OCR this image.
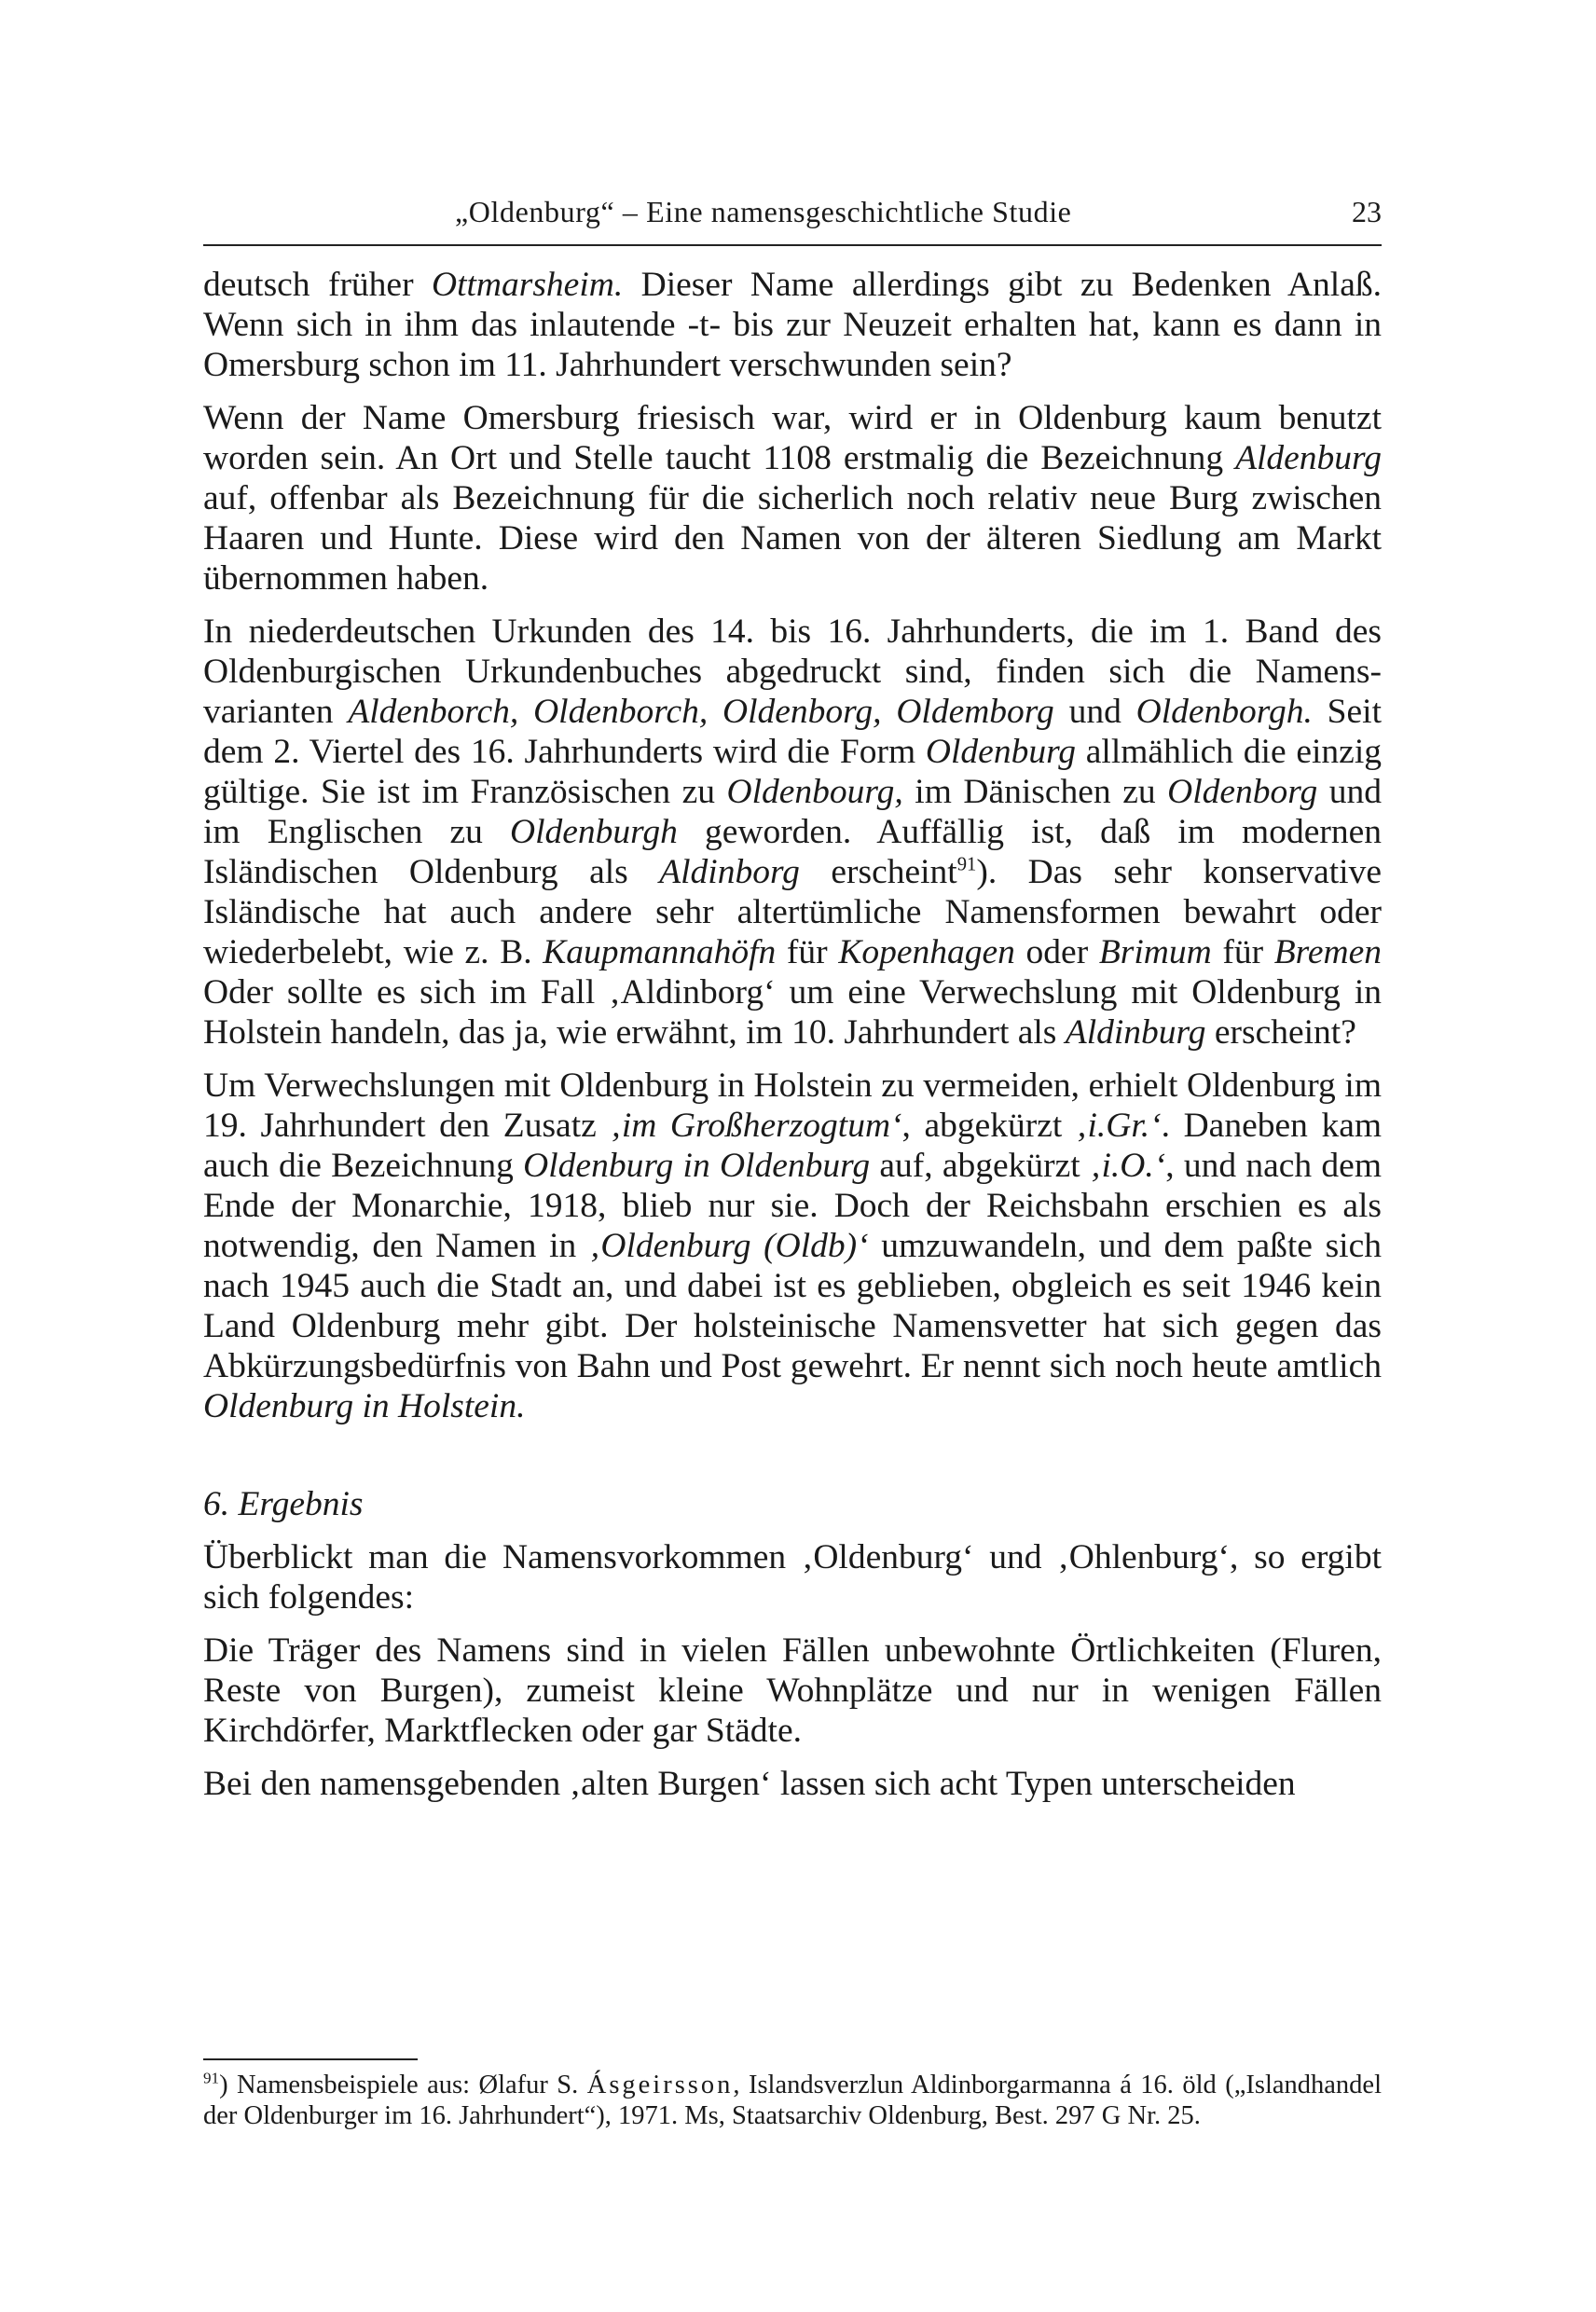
„Oldenburg“ – Eine namensgeschichtliche Studie	23

deutsch früher Ottmarsheim. Dieser Name allerdings gibt zu Bedenken Anlaß. Wenn sich in ihm das inlautende -t- bis zur Neuzeit erhalten hat, kann es dann in Omersburg schon im 11. Jahrhundert verschwunden sein?

Wenn der Name Omersburg friesisch war, wird er in Oldenburg kaum benutzt worden sein. An Ort und Stelle taucht 1108 erstmalig die Bezeichnung Aldenburg auf, offenbar als Bezeichnung für die sicherlich noch relativ neue Burg zwischen Haaren und Hunte. Diese wird den Namen von der älteren Siedlung am Markt übernommen haben.

In niederdeutschen Urkunden des 14. bis 16. Jahrhunderts, die im 1. Band des Oldenburgischen Urkundenbuches abgedruckt sind, finden sich die Namensvarianten Aldenborch, Oldenborch, Oldenborg, Oldemborg und Oldenborgh. Seit dem 2. Viertel des 16. Jahrhunderts wird die Form Oldenburg allmählich die einzig gültige. Sie ist im Französischen zu Oldenbourg, im Dänischen zu Oldenborg und im Englischen zu Oldenburgh geworden. Auffällig ist, daß im modernen Isländischen Oldenburg als Aldinborg erscheint$^{91}$). Das sehr konservative Isländische hat auch andere sehr altertümliche Namensformen bewahrt oder wiederbelebt, wie z. B. Kaupmannahöfn für Kopenhagen oder Brimum für Bremen Oder sollte es sich im Fall ‚Aldinborg‘ um eine Verwechslung mit Oldenburg in Holstein handeln, das ja, wie erwähnt, im 10. Jahrhundert als Aldinburg erscheint?

Um Verwechslungen mit Oldenburg in Holstein zu vermeiden, erhielt Oldenburg im 19. Jahrhundert den Zusatz ‚im Großherzogtum‘, abgekürzt ‚i.Gr.‘. Daneben kam auch die Bezeichnung Oldenburg in Oldenburg auf, abgekürzt ‚i.O.‘, und nach dem Ende der Monarchie, 1918, blieb nur sie. Doch der Reichsbahn erschien es als notwendig, den Namen in ‚Oldenburg (Oldb)‘ umzuwandeln, und dem paßte sich nach 1945 auch die Stadt an, und dabei ist es geblieben, obgleich es seit 1946 kein Land Oldenburg mehr gibt. Der holsteinische Namensvetter hat sich gegen das Abkürzungsbedürfnis von Bahn und Post gewehrt. Er nennt sich noch heute amtlich Oldenburg in Holstein.

6. Ergebnis

Überblickt man die Namensvorkommen ‚Oldenburg‘ und ‚Ohlenburg‘, so ergibt sich folgendes:

Die Träger des Namens sind in vielen Fällen unbewohnte Örtlichkeiten (Fluren, Reste von Burgen), zumeist kleine Wohnplätze und nur in wenigen Fällen Kirchdörfer, Marktflecken oder gar Städte.

Bei den namensgebenden ‚alten Burgen‘ lassen sich acht Typen unterscheiden

$^{91}$) Namensbeispiele aus: Ølafur S. Ásgeirsson, Islandsverzlun Aldinborgarmanna á 16. öld („Islandhandel der Oldenburger im 16. Jahrhundert“), 1971. Ms, Staatsarchiv Oldenburg, Best. 297 G Nr. 25.
